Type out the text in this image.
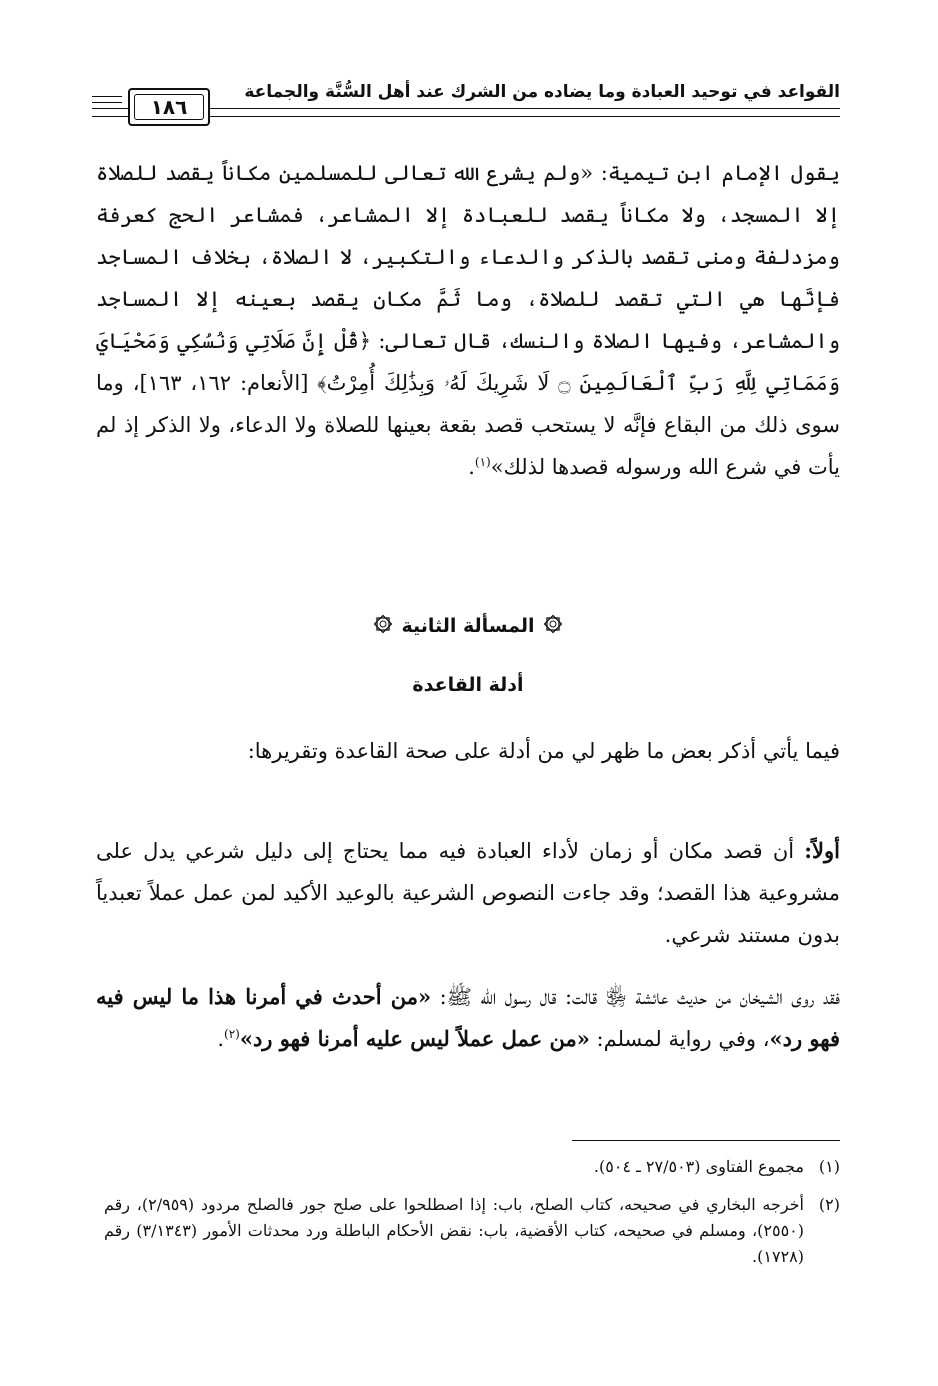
القواعد في توحيد العبادة وما يضاده من الشرك عند أهل السُّنَّة والجماعة
١٨٦
يقول الإمام ابن تيمية: «ولم يشرع الله تعالى للمسلمين مكاناً يقصد للصلاة إلا المسجد، ولا مكاناً يقصد للعبادة إلا المشاعر، فمشاعر الحج كعرفة ومزدلفة ومنى تقصد بالذكر والدعاء والتكبير، لا الصلاة، بخلاف المساجد فإنَّها هي التي تقصد للصلاة، وما ثَمَّ مكان يقصد بعينه إلا المساجد والمشاعر، وفيها الصلاة والنسك، قال تعالى: ﴿قُلْ إِنَّ صَلَاتِي وَنُسُكِي وَمَحْيَايَ وَمَمَاتِي لِلَّهِ رَبِّ ٱلْعَالَمِينَ ۝ لَا شَرِيكَ لَهُۥ وَبِذَٰلِكَ أُمِرْتُ﴾ [الأنعام: ١٦٢، ١٦٣]، وما سوى ذلك من البقاع فإنَّه لا يستحب قصد بقعة بعينها للصلاة ولا الدعاء، ولا الذكر إذ لم يأت في شرع الله ورسوله قصدها لذلك»$^{(١)}$.
المسألة الثانية
أدلة القاعدة
فيما يأتي أذكر بعض ما ظهر لي من أدلة على صحة القاعدة وتقريرها:
أولاً: أن قصد مكان أو زمان لأداء العبادة فيه مما يحتاج إلى دليل شرعي يدل على مشروعية هذا القصد؛ وقد جاءت النصوص الشرعية بالوعيد الأكيد لمن عمل عملاً تعبدياً بدون مستند شرعي.
فقد روى الشيخان من حديث عائشة ﵂ قالت: قال رسول الله ﷺ: «من أحدث في أمرنا هذا ما ليس فيه فهو رد»، وفي رواية لمسلم: «من عمل عملاً ليس عليه أمرنا فهو رد»$^{(٢)}$.
(١)مجموع الفتاوى (٢٧/٥٠٣ ـ ٥٠٤).
(٢)أخرجه البخاري في صحيحه، كتاب الصلح، باب: إذا اصطلحوا على صلح جور فالصلح مردود (٢/٩٥٩)، رقم (٢٥٥٠)، ومسلم في صحيحه، كتاب الأقضية، باب: نقض الأحكام الباطلة ورد محدثات الأمور (٣/١٣٤٣) رقم (١٧٢٨).
